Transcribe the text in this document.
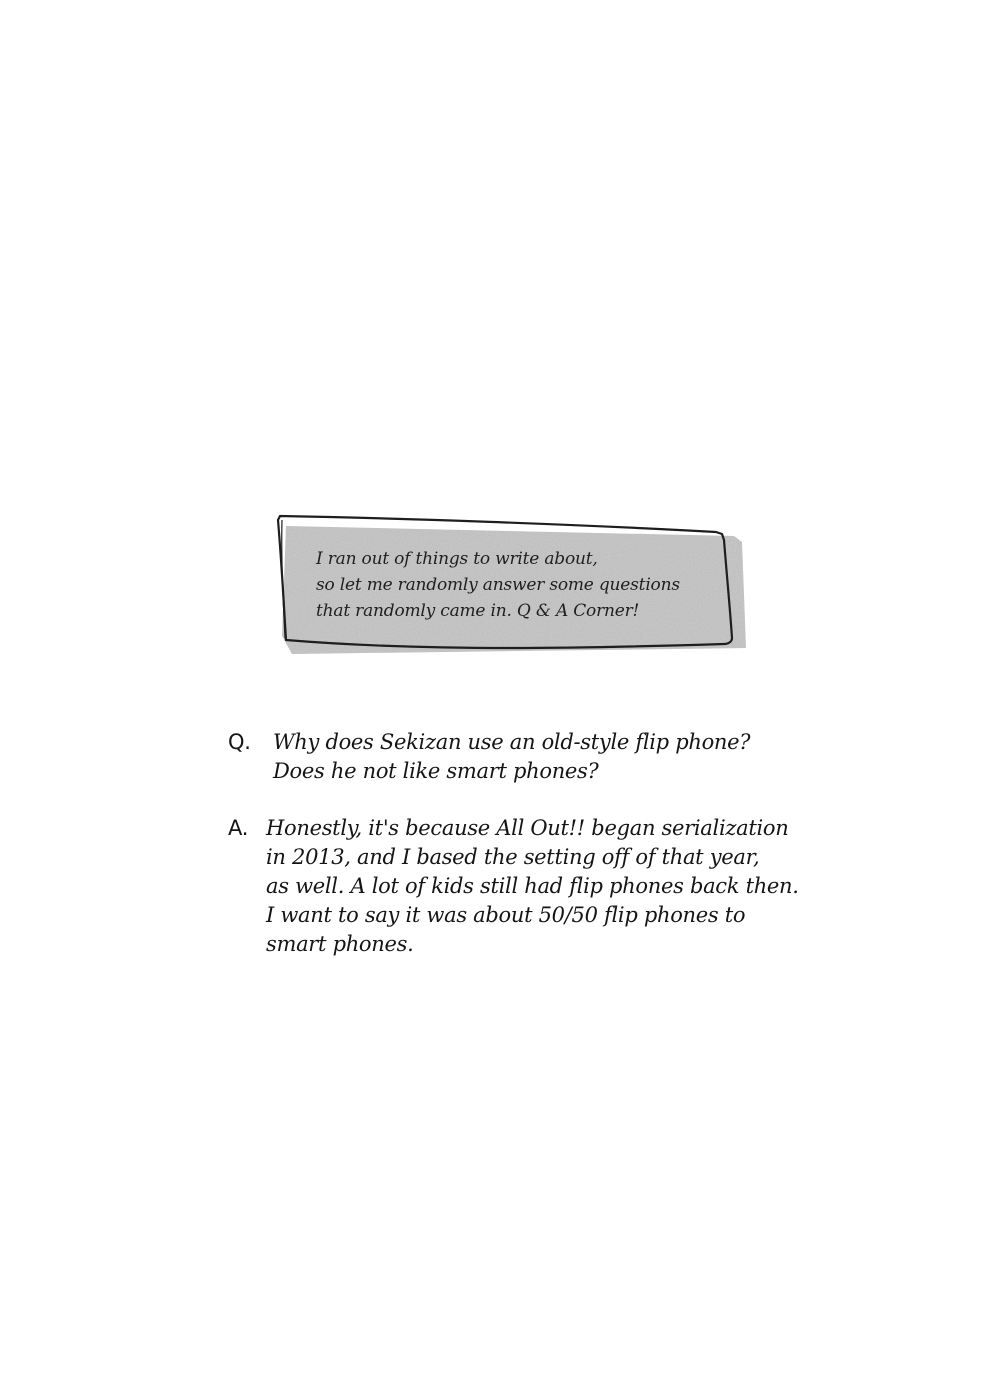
I ran out of things to write about,
so let me randomly answer some questions
that randomly came in. Q & A Corner!
Q. Why does Sekizan use an old-style flip phone?
Does he not like smart phones?
A. Honestly, it's because All Out!! began serialization
in 2013, and I based the setting off of that year,
as well. A lot of kids still had flip phones back then.
I want to say it was about 50/50 flip phones to
smart phones.
